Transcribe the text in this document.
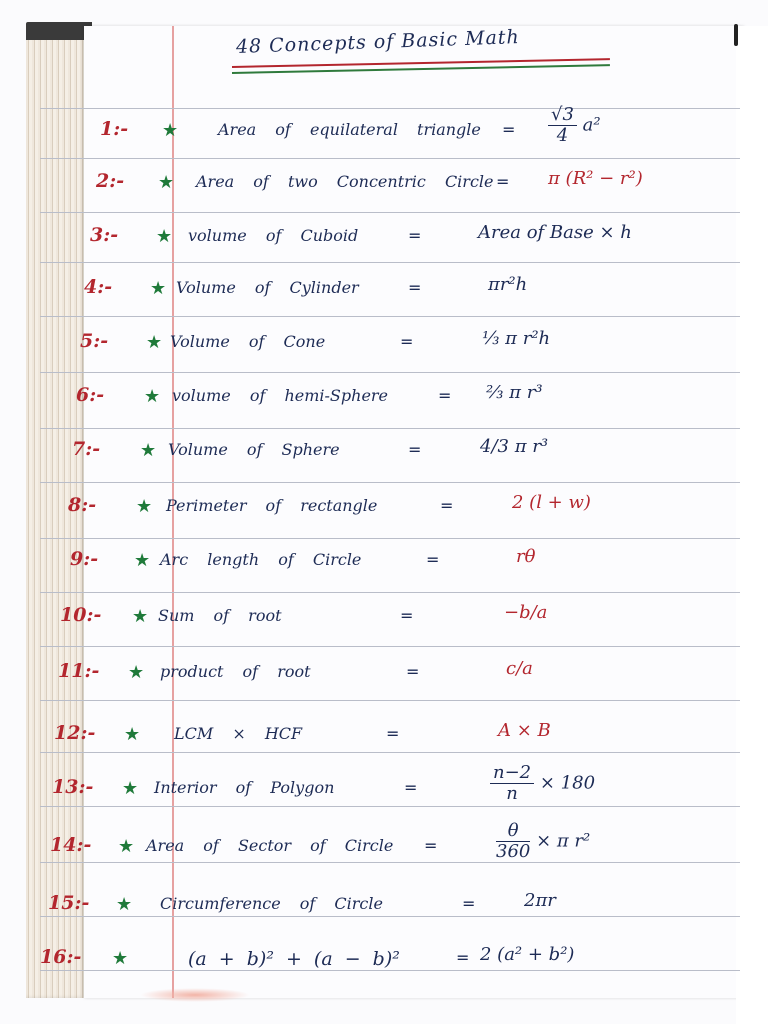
48 Concepts of Basic Math
1:- ★ Area of equilateral triangle = $\frac{√3}{4} a^2$
2:- ★ Area of two Concentric Circle = π (R² − r²)
3:- ★ volume of Cuboid	=	Area of Base × h
4:- ★ Volume of Cylinder	=	πr²h
5:- ★ Volume of Cone	=	⅓ π r²h
6:- ★ volume of hemi-Sphere	= ⅔ π r³
7:- ★ Volume of Sphere	=	4/3 π r³
8:- ★ Perimeter of rectangle	=	2 (l + w)
9:- ★ Arc length of Circle	=	rθ
10:- ★ Sum of root	=	−b/a
11:- ★ product of root	=	c/a
12:- ★ LCM × HCF	=	A × B
13:- ★ Interior of Polygon	=	$\frac{n-2}{n} \times 180$
14:- ★ Area of Sector of Circle =	$\frac{\theta}{360} \times \pi$ r²
15:- ★ Circumference of Circle	=	2πr
16:- ★	(a + b)² + (a − b)²	= 2 (a² + b²)
